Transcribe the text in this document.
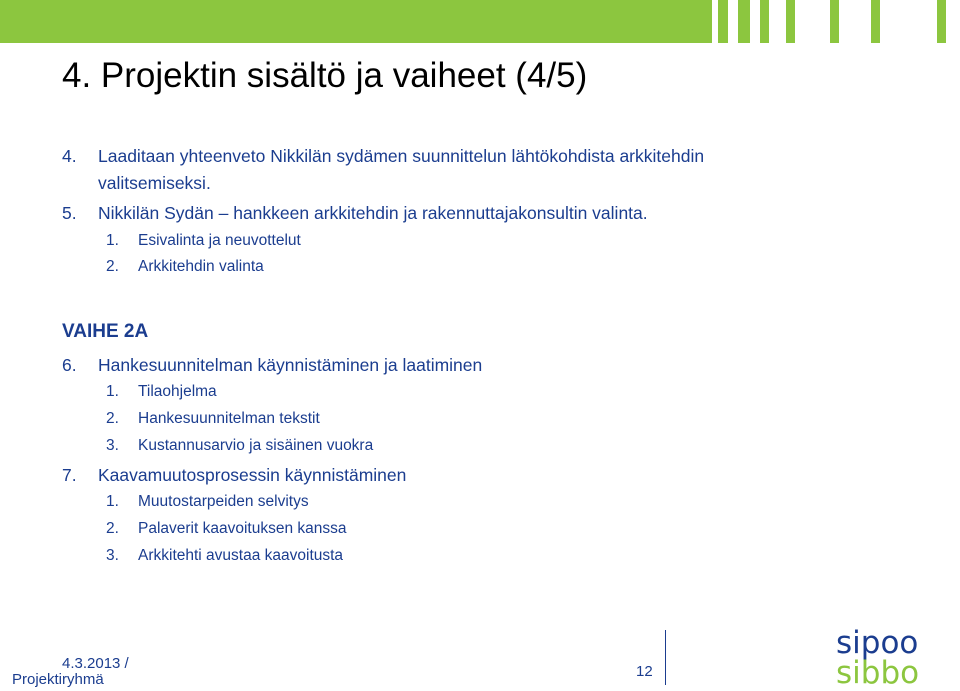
4. Projektin sisältö ja vaiheet (4/5)
4. Laaditaan yhteenveto Nikkilän sydämen suunnittelun lähtökohdista arkkitehdin
valitsemiseksi.
5. Nikkilän Sydän – hankkeen arkkitehdin ja rakennuttajakonsultin valinta.
1. Esivalinta ja neuvottelut
2. Arkkitehdin valinta
VAIHE 2A
6. Hankesuunnitelman käynnistäminen ja laatiminen
1. Tilaohjelma
2. Hankesuunnitelman tekstit
3. Kustannusarvio ja sisäinen vuokra
7. Kaavamuutosprosessin käynnistäminen
1. Muutostarpeiden selvitys
2. Palaverit kaavoituksen kanssa
3. Arkkitehti avustaa kaavoitusta
4.3.2013 /
Projektiryhmä	12
sipoo
sibbo
